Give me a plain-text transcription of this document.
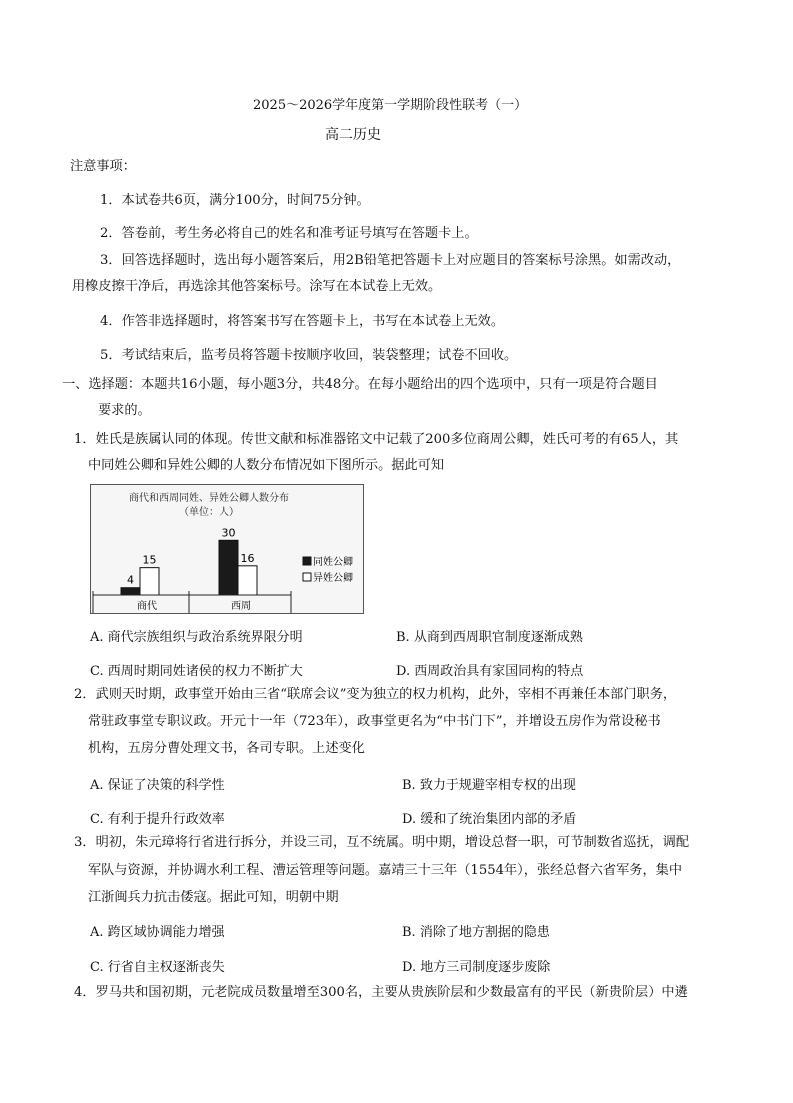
2025～2026学年度第一学期阶段性联考（一）
高二历史
注意事项：
1．本试卷共6页，满分100分，时间75分钟。
2．答卷前，考生务必将自己的姓名和准考证号填写在答题卡上。
3．回答选择题时，选出每小题答案后，用2B铅笔把答题卡上对应题目的答案标号涂黑。如需改动，
用橡皮擦干净后，再选涂其他答案标号。涂写在本试卷上无效。
4．作答非选择题时，将答案书写在答题卡上，书写在本试卷上无效。
5．考试结束后，监考员将答题卡按顺序收回，装袋整理；试卷不回收。
一、选择题：本题共16小题，每小题3分，共48分。在每小题给出的四个选项中，只有一项是符合题目
要求的。
1．姓氏是族属认同的体现。传世文献和标准器铭文中记载了200多位商周公卿，姓氏可考的有65人，其
中同姓公卿和异姓公卿的人数分布情况如下图所示。据此可知
商代和西周同姓、异姓公卿人数分布
（单位：人）
4
15
30
16
商代	西周
同姓公卿
异姓公卿
A. 商代宗族组织与政治系统界限分明	B. 从商到西周职官制度逐渐成熟
C. 西周时期同姓诸侯的权力不断扩大	D. 西周政治具有家国同构的特点
2．武则天时期，政事堂开始由三省“联席会议”变为独立的权力机构，此外，宰相不再兼任本部门职务，
常驻政事堂专职议政。开元十一年（723年），政事堂更名为“中书门下”，并增设五房作为常设秘书
机构，五房分曹处理文书，各司专职。上述变化
A. 保证了决策的科学性	B. 致力于规避宰相专权的出现
C. 有利于提升行政效率	D. 缓和了统治集团内部的矛盾
3．明初，朱元璋将行省进行拆分，并设三司，互不统属。明中期，增设总督一职，可节制数省巡抚，调配
军队与资源，并协调水利工程、漕运管理等问题。嘉靖三十三年（1554年），张经总督六省军务，集中
江浙闽兵力抗击倭寇。据此可知，明朝中期
A. 跨区域协调能力增强	B. 消除了地方割据的隐患
C. 行省自主权逐渐丧失	D. 地方三司制度逐步废除
4．罗马共和国初期，元老院成员数量增至300名，主要从贵族阶层和少数最富有的平民（新贵阶层）中遴
